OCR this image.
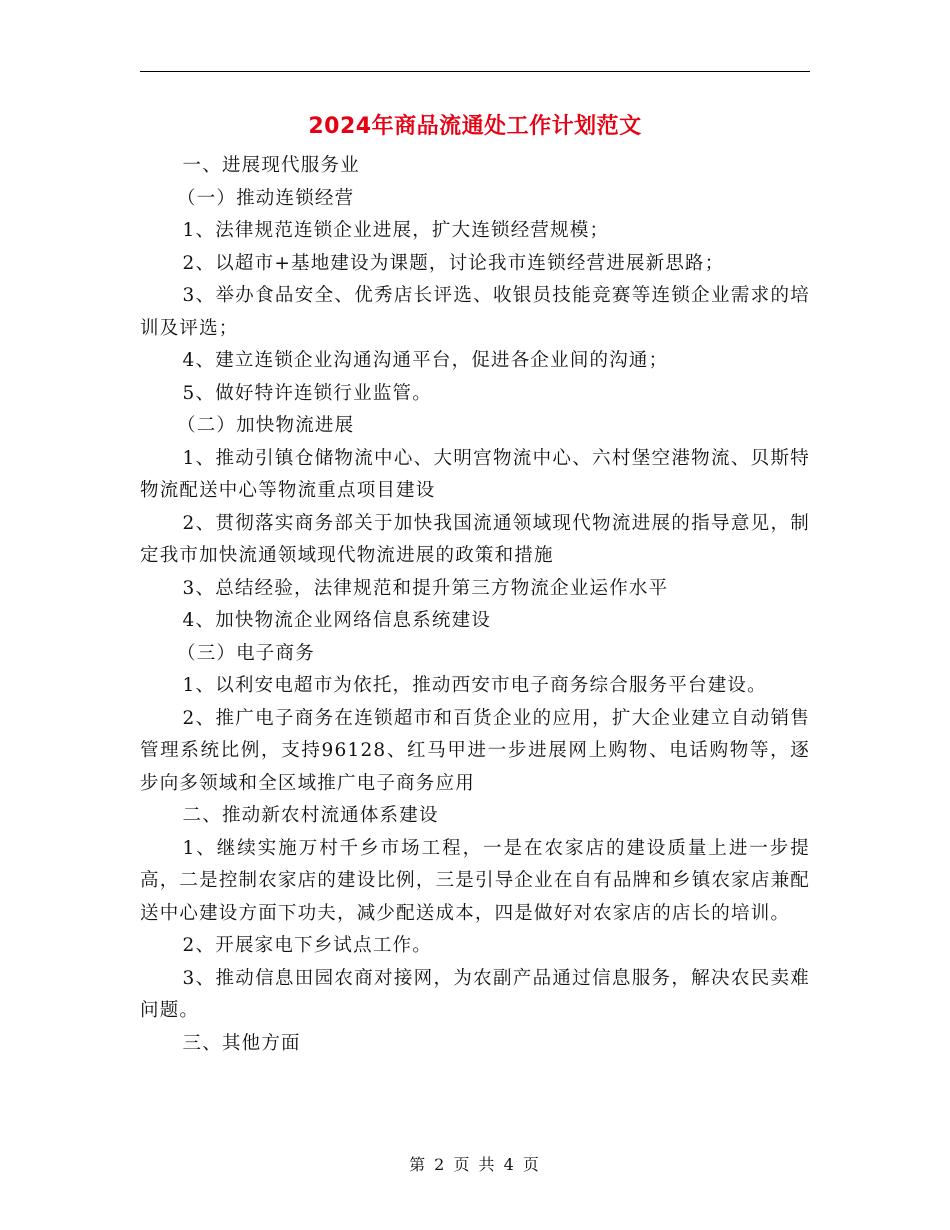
2024年商品流通处工作计划范文

一、进展现代服务业

（一）推动连锁经营

1、法律规范连锁企业进展，扩大连锁经营规模；

2、以超市+基地建设为课题，讨论我市连锁经营进展新思路；

3、举办食品安全、优秀店长评选、收银员技能竞赛等连锁企业需求的培训及评选；

4、建立连锁企业沟通沟通平台，促进各企业间的沟通；

5、做好特许连锁行业监管。

（二）加快物流进展

1、推动引镇仓储物流中心、大明宫物流中心、六村堡空港物流、贝斯特物流配送中心等物流重点项目建设

2、贯彻落实商务部关于加快我国流通领域现代物流进展的指导意见，制定我市加快流通领域现代物流进展的政策和措施

3、总结经验，法律规范和提升第三方物流企业运作水平

4、加快物流企业网络信息系统建设

（三）电子商务

1、以利安电超市为依托，推动西安市电子商务综合服务平台建设。

2、推广电子商务在连锁超市和百货企业的应用，扩大企业建立自动销售管理系统比例，支持96128、红马甲进一步进展网上购物、电话购物等，逐步向多领域和全区域推广电子商务应用

二、推动新农村流通体系建设

1、继续实施万村千乡市场工程，一是在农家店的建设质量上进一步提高，二是控制农家店的建设比例，三是引导企业在自有品牌和乡镇农家店兼配送中心建设方面下功夫，减少配送成本，四是做好对农家店的店长的培训。

2、开展家电下乡试点工作。

3、推动信息田园农商对接网，为农副产品通过信息服务，解决农民卖难问题。

三、其他方面

第 2 页 共 4 页
